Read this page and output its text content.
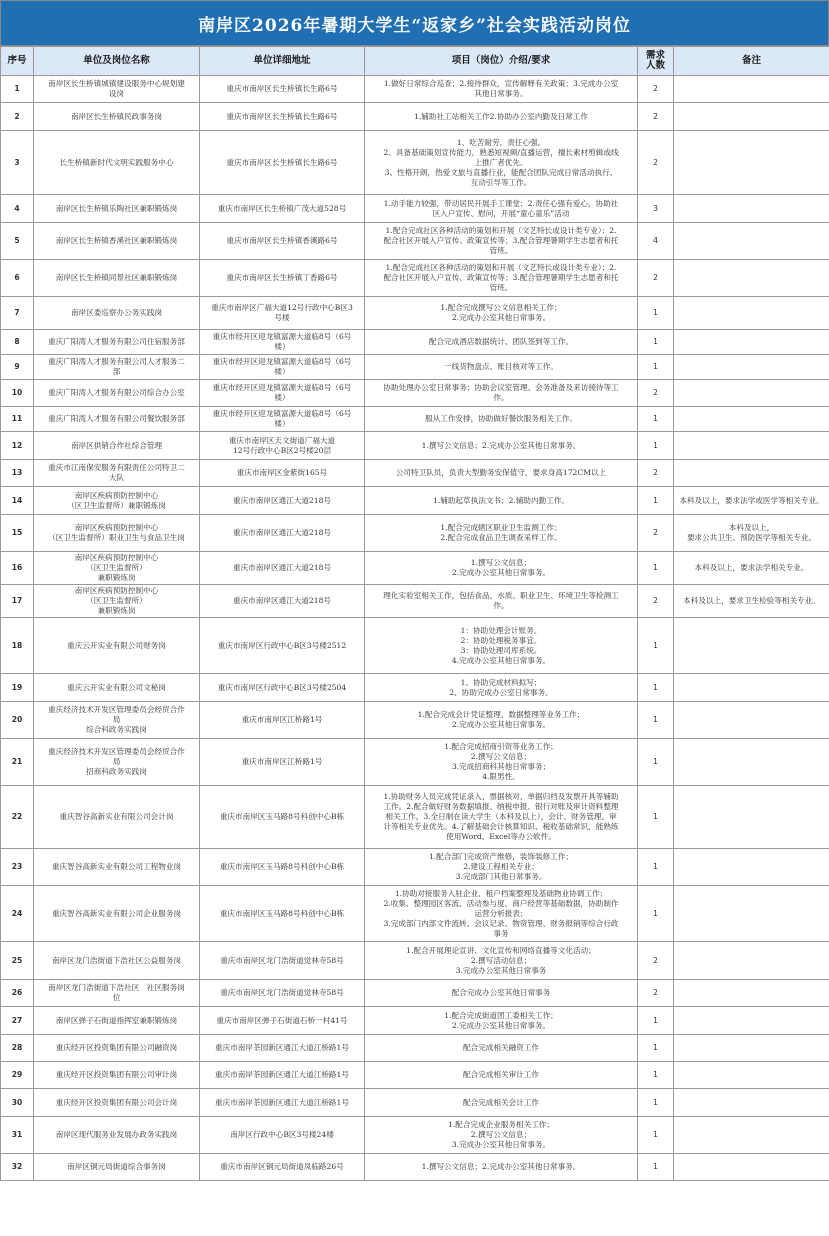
南岸区2026年暑期大学生“返家乡”社会实践活动岗位
序号	单位及岗位名称	单位详细地址	项目（岗位）介绍/要求	需求
人数	备注
1	南岸区长生桥镇城镇建设服务中心规划建
设岗	重庆市南岸区长生桥镇长生路6号	1.做好日常综合巡查；2.接待群众，宣传解释有关政策；3.完成办公室
其他日常事务。	2	
2	南岸区长生桥镇民政事务岗	重庆市南岸区长生桥镇长生路6号	1.辅助社工站相关工作2.协助办公室内勤及日常工作	2	
3	长生桥镇新时代文明实践服务中心	重庆市南岸区长生桥镇长生路6号	1、吃苦耐劳，责任心强。
2、具备基础策划宣传能力，熟悉短视频/直播运营，擅长素材剪辑或线
上推广者优先。
3、性格开朗，热爱文旅与直播行业，能配合团队完成日常活动执行、
互动引导等工作。	2	
4	南岸区长生桥镇乐陶社区兼职锻炼岗	重庆市南岸区长生桥镇广茂大道528号	1.动手能力较强，带动居民开展手工课堂；2.责任心强有爱心，协助社
区入户宣传、慰问，开展“童心童乐”活动	3	
5	南岸区长生桥镇香溪社区兼职锻炼岗	重庆市南岸区长生桥镇香溪路6号	1.配合完成社区各种活动的策划和开展（文艺特长或设计类专业）；2.
配合社区开展入户宣传、政策宣传等；3.配合管理暑期学生志愿者和托
管班。	4	
6	南岸区长生桥镇同景社区兼职锻炼岗	重庆市南岸区长生桥镇丁香路6号	1.配合完成社区各种活动的策划和开展（文艺特长或设计类专业）；2.
配合社区开展入户宣传、政策宣传等；3.配合管理暑期学生志愿者和托
管班。	2	
7	南岸区委巡察办公务实践岗	重庆市南岸区广福大道12号行政中心B区3
号楼	1.配合完成撰写公文信息相关工作；
2.完成办公室其他日常事务。	1	
8	重庆广阳湾人才服务有限公司住宿服务部	重庆市经开区迎龙镇富源大道临8号（6号
楼）	配合完成酒店数据统计、团队签到等工作。	1	
9	重庆广阳湾人才服务有限公司人才服务二
部	重庆市经开区迎龙镇富源大道临8号（6号
楼）	一线货物盘点、账目核对等工作。	1	
10	重庆广阳湾人才服务有限公司综合办公室	重庆市经开区迎龙镇富源大道临8号（6号
楼）	协助处理办公室日常事务；协助会议室管理、会务准备及来访接待等工
作。	2	
11	重庆广阳湾人才服务有限公司餐饮服务部	重庆市经开区迎龙镇富源大道临8号（6号
楼）	服从工作安排，协助做好餐饮服务相关工作。	1	
12	南岸区供销合作社综合管理	重庆市南岸区天文街道广福大道
12号行政中心B区2号楼20层	1.撰写公文信息；2.完成办公室其他日常事务。	1	
13	重庆市江南保安服务有限责任公司特卫二
大队	重庆市南岸区金紫街165号	公司特卫队员，负责大型勤务安保值守，要求身高172CM以上	2	
14	南岸区疾病预防控制中心
（区卫生监督所）兼职锻炼岗	重庆市南岸区通江大道218号	1.辅助起草执法文书；2.辅助内勤工作。	1	本科及以上，要求法学或医学等相关专业。

15	南岸区疾病预防控制中心
（区卫生监督所）职业卫生与食品卫生岗	重庆市南岸区通江大道218号	1.配合完成辖区职业卫生监测工作；
2.配合完成食品卫生调查采样工作。	2	本科及以上，
要求公共卫生、预防医学等相关专业。

16	南岸区疾病预防控制中心
（区卫生监督所）
兼职锻炼岗	重庆市南岸区通江大道218号	1.撰写公文信息；
2.完成办公室其他日常事务。	1	本科及以上，要求法学相关专业。

17	南岸区疾病预防控制中心
（区卫生监督所）
兼职锻炼岗	重庆市南岸区通江大道218号	理化实验室相关工作，包括食品、水质、职业卫生、环境卫生等检测工
作。	2	本科及以上，要求卫生检验等相关专业。

18	重庆云开实业有限公司财务岗	重庆市南岸区行政中心B区3号楼2512	1：协助处理会计账务。
2：协助处理税务事宜。
3：协助处理司库系统。
4.完成办公室其他日常事务。	1	
19	重庆云开实业有限公司文秘岗	重庆市南岸区行政中心B区3号楼2504	1、协助完成材料拟写；
2、协助完成办公室日常事务。	1	
20	重庆经济技术开发区管理委员会经贸合作
局
综合科政务实践岗	重庆市南岸区江桥路1号	1.配合完成会计凭证整理、数据整理等业务工作；
2.完成办公室其他日常事务。	1	
21	重庆经济技术开发区管理委员会经贸合作
局
招商科政务实践岗	重庆市南岸区江桥路1号	1.配合完成招商引资等业务工作；
2.撰写公文信息；
3.完成招商科其他日常事务；
4.限男性。	1	
22	重庆智谷高新实业有限公司会计岗	重庆市南岸区玉马路8号科创中心B栋	1.协助财务人员完成凭证录入、票据核对、单据归档及发票开具等辅助
工作。2.配合做好财务数据填报、纳税申报、银行对账及审计资料整理
相关工作。3.全日制在读大学生（本科及以上），会计、财务管理、审
计等相关专业优先。4.了解基础会计核算知识、税收基础常识，能熟练
使用Word、Excel等办公软件。	1	
23	重庆智谷高新实业有限公司工程物业岗	重庆市南岸区玉马路8号科创中心B栋	1.配合部门完成资产维修，装饰装修工作；
2.建设工程相关专业；
3.完成部门其他日常事务。	1	
24	重庆智谷高新实业有限公司企业服务岗	重庆市南岸区玉马路8号科创中心B栋	1.协助对接服务入驻企业、租户档案整理及基础物业协调工作；
2.收集、整理园区客流、活动参与度、商户经营等基础数据，协助制作
运营分析报表；
3.完成部门内部文件流转、会议记录、物资管理、财务报销等综合行政
事务	1	
25	南岸区龙门浩街道下浩社区公益服务岗	重庆市南岸区龙门浩街道觉林寺58号	1.配合开展理论宣讲、文化宣传和网络直播等文化活动；
2.撰写活动信息；
3.完成办公室其他日常事务	2	
26	南岸区龙门浩街道下浩社区　社区服务岗
位	重庆市南岸区龙门浩街道觉林寺58号	配合完成办公室其他日常事务	2	
27	南岸区弹子石街道指挥室兼职锻炼岗	重庆市南岸区弹子石街道石桥一村41号	1.配合完成街道团工委相关工作；
2.完成办公室其他日常事务。	1	
28	重庆经开区投资集团有限公司融资岗	重庆市南岸茶园新区通江大道江桥路1号	配合完成相关融资工作	1	
29	重庆经开区投资集团有限公司审计岗	重庆市南岸茶园新区通江大道江桥路1号	配合完成相关审计工作	1	
30	重庆经开区投资集团有限公司会计岗	重庆市南岸茶园新区通江大道江桥路1号	配合完成相关会计工作	1	
31	南岸区现代服务业发展办政务实践岗	南岸区行政中心B区3号楼24楼	1.配合完成企业服务相关工作；
2.撰写公文信息；
3.完成办公室其他日常事务。	1	
32	南岸区铜元局街道综合事务岗	重庆市南岸区铜元局街道凤临路26号	1.撰写公文信息；2.完成办公室其他日常事务。	1	
